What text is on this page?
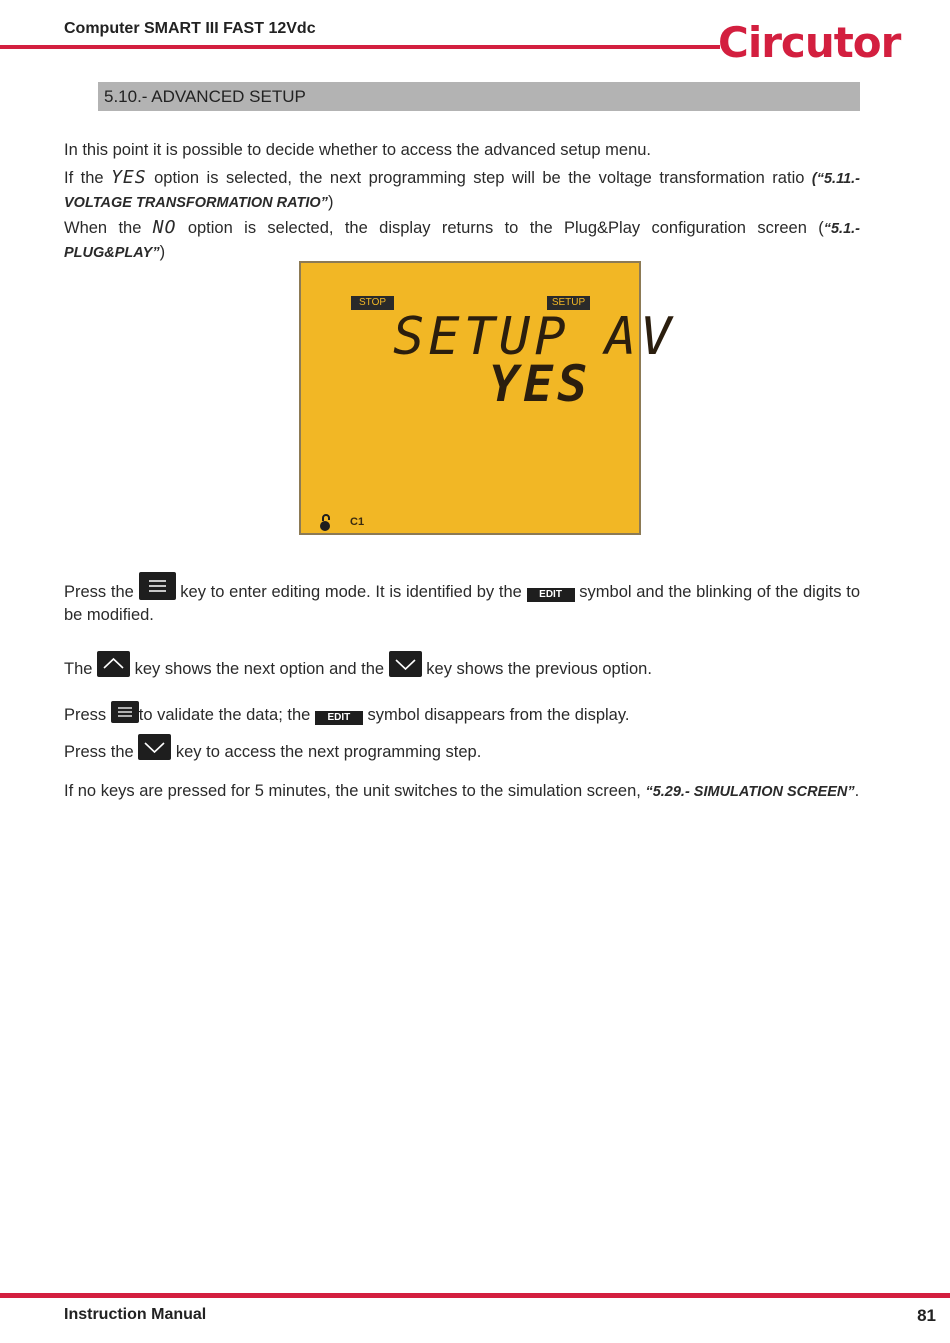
Computer SMART III FAST 12Vdc	Circutor
5.10.- ADVANCED SETUP
In this point it is possible to decide whether to access the advanced setup menu.
If the YES option is selected, the next programming step will be the voltage transformation ratio (“5.11.- VOLTAGE TRANSFORMATION RATIO”)
When the NO option is selected, the display returns to the Plug&Play configuration screen (“5.1.- PLUG&PLAY”)
STOP	SETUP
SETUP AV
YES
C1
Press the
key to enter editing mode. It is identified by the EDIT symbol and the blinking of the digits to be modified.
The
key shows the next option and the
key shows the previous option.
Press
to validate the data; the EDIT symbol disappears from the display.
Press the
key to access the next programming step.
If no keys are pressed for 5 minutes, the unit switches to the simulation screen, “5.29.- SIMULATION SCREEN”.
Instruction Manual	81
